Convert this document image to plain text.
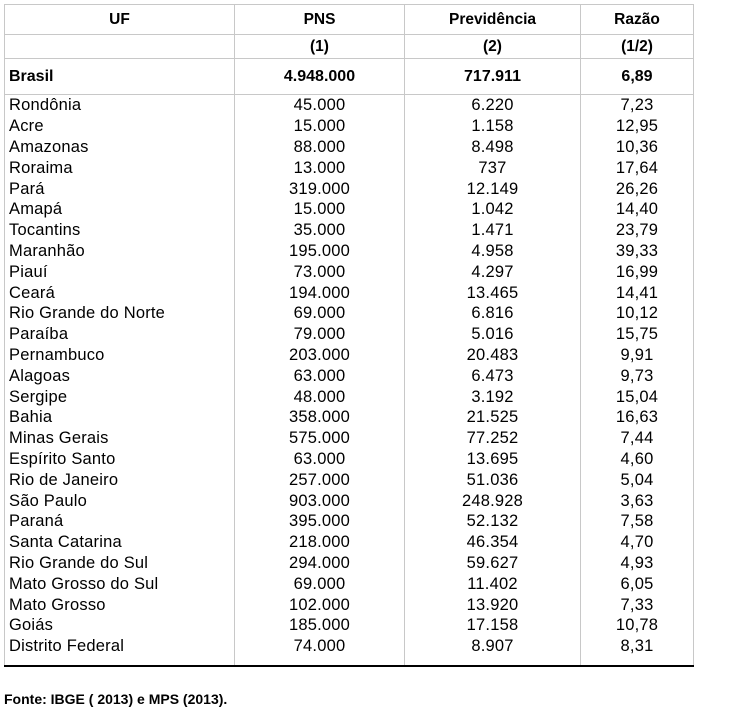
UF	PNS	Previdência	Razão
	(1)	(2)	(1/2)
Brasil	4.948.000	717.911	6,89
Rondônia	45.000	6.220	7,23
Acre	15.000	1.158	12,95
Amazonas	88.000	8.498	10,36
Roraima	13.000	737	17,64
Pará	319.000	12.149	26,26
Amapá	15.000	1.042	14,40
Tocantins	35.000	1.471	23,79
Maranhão	195.000	4.958	39,33
Piauí	73.000	4.297	16,99
Ceará	194.000	13.465	14,41
Rio Grande do Norte	69.000	6.816	10,12
Paraíba	79.000	5.016	15,75
Pernambuco	203.000	20.483	9,91
Alagoas	63.000	6.473	9,73
Sergipe	48.000	3.192	15,04
Bahia	358.000	21.525	16,63
Minas Gerais	575.000	77.252	7,44
Espírito Santo	63.000	13.695	4,60
Rio de Janeiro	257.000	51.036	5,04
São Paulo	903.000	248.928	3,63
Paraná	395.000	52.132	7,58
Santa Catarina	218.000	46.354	4,70
Rio Grande do Sul	294.000	59.627	4,93
Mato Grosso do Sul	69.000	11.402	6,05
Mato Grosso	102.000	13.920	7,33
Goiás	185.000	17.158	10,78
Distrito Federal	74.000	8.907	8,31

Fonte: IBGE ( 2013) e MPS (2013).
